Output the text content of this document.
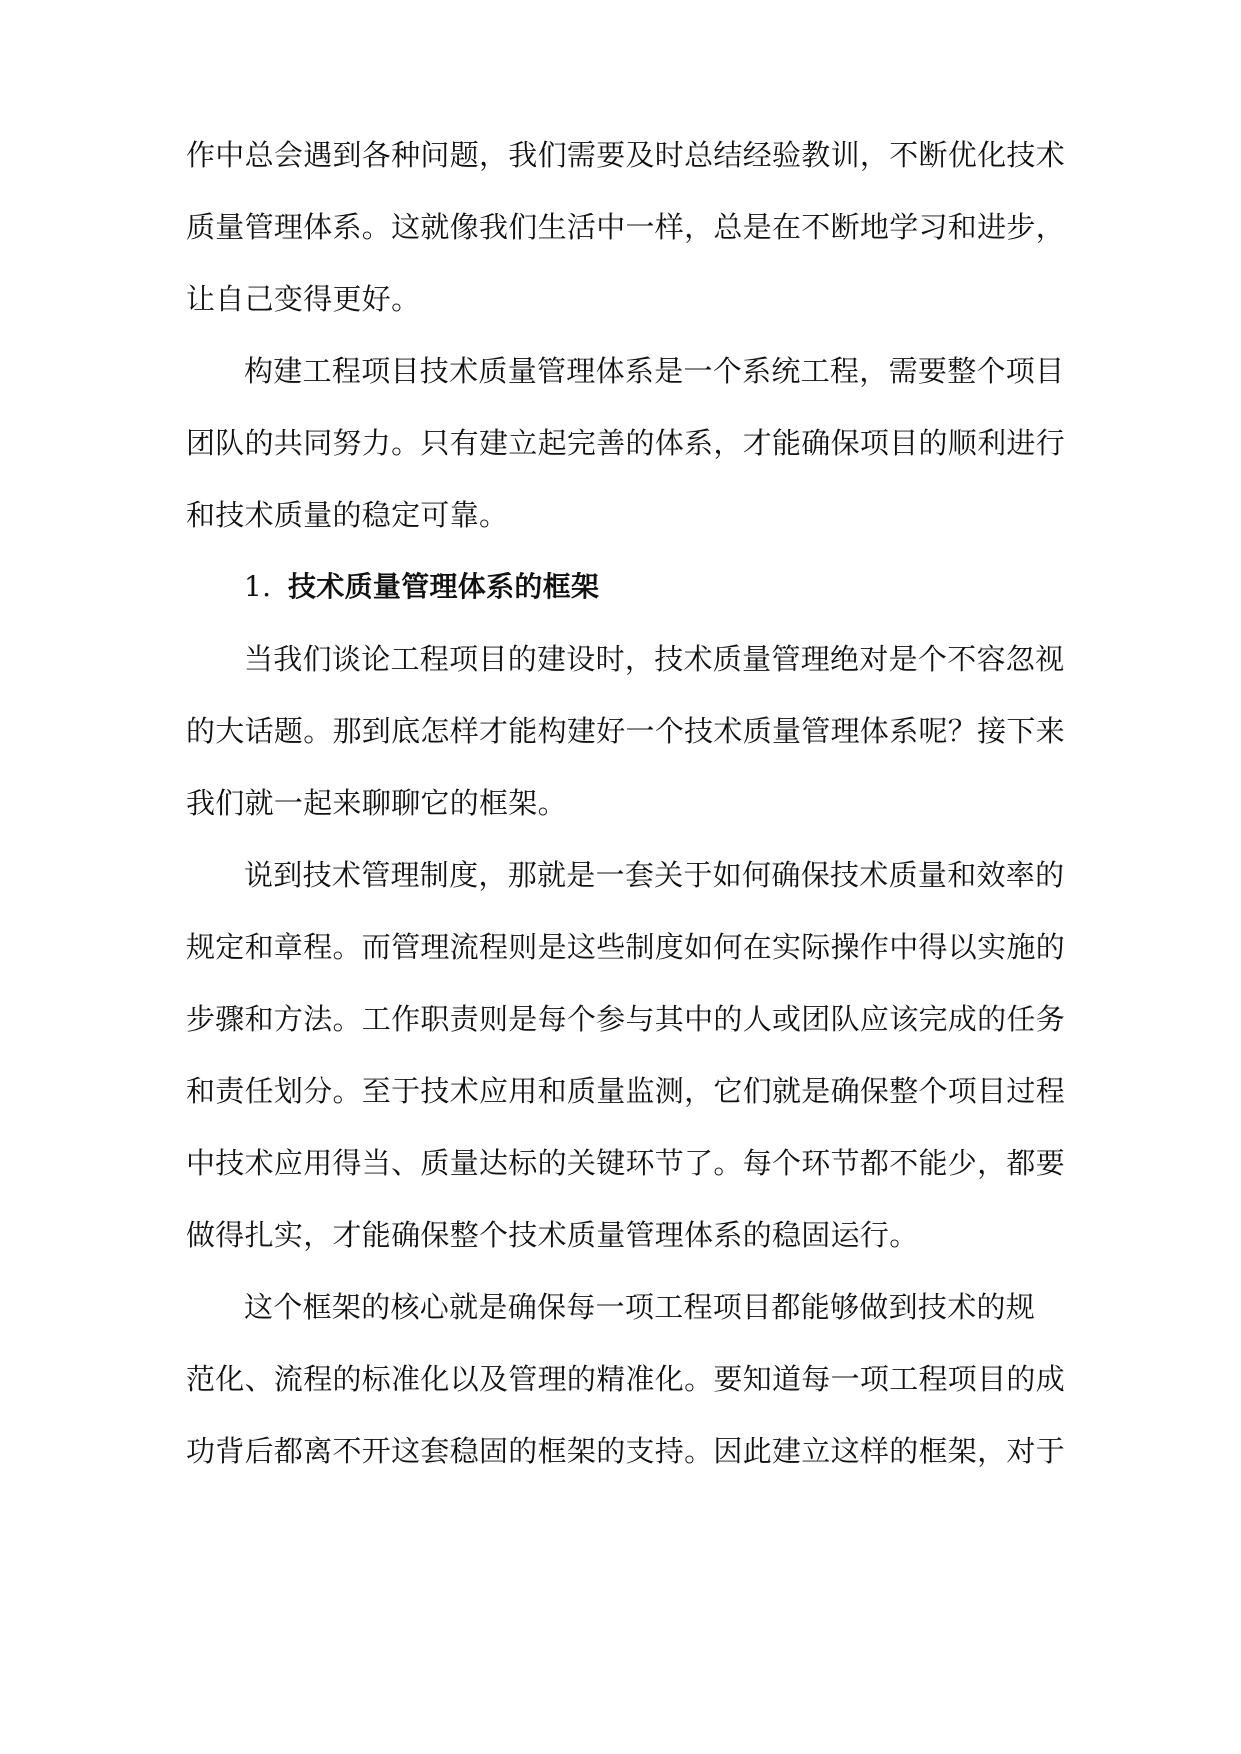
作中总会遇到各种问题，我们需要及时总结经验教训，不断优化技术
质量管理体系。这就像我们生活中一样，总是在不断地学习和进步，
让自己变得更好。
构建工程项目技术质量管理体系是一个系统工程，需要整个项目
团队的共同努力。只有建立起完善的体系，才能确保项目的顺利进行
和技术质量的稳定可靠。
1. 技术质量管理体系的框架
当我们谈论工程项目的建设时，技术质量管理绝对是个不容忽视
的大话题。那到底怎样才能构建好一个技术质量管理体系呢？接下来
我们就一起来聊聊它的框架。
说到技术管理制度，那就是一套关于如何确保技术质量和效率的
规定和章程。而管理流程则是这些制度如何在实际操作中得以实施的
步骤和方法。工作职责则是每个参与其中的人或团队应该完成的任务
和责任划分。至于技术应用和质量监测，它们就是确保整个项目过程
中技术应用得当、质量达标的关键环节了。每个环节都不能少，都要
做得扎实，才能确保整个技术质量管理体系的稳固运行。
这个框架的核心就是确保每一项工程项目都能够做到技术的规
范化、流程的标准化以及管理的精准化。要知道每一项工程项目的成
功背后都离不开这套稳固的框架的支持。因此建立这样的框架，对于
